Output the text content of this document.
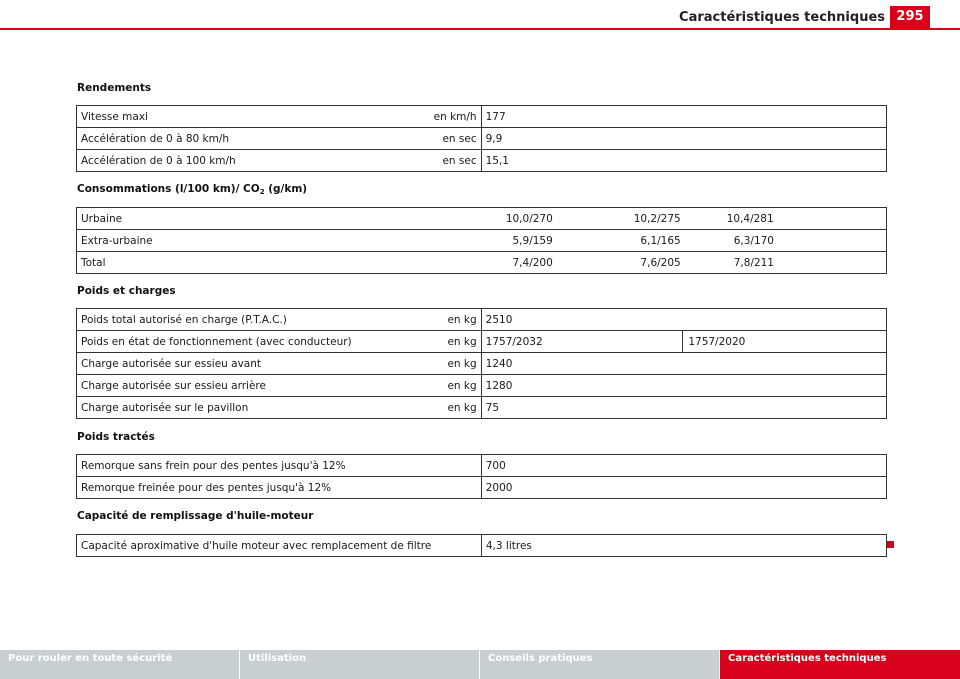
Caractéristiques techniques 295
Rendements
Vitesse maxi en km/h	177
Accélération de 0 à 80 km/h en sec	9,9
Accélération de 0 à 100 km/h en sec	15,1
Consommations (l/100 km)/ $CO_2$ (g/km)
Urbaine	10,0/270	10,2/275	10,4/281
Extra-urbaine	5,9/159	6,1/165	6,3/170
Total	7,4/200	7,6/205	7,8/211
Poids et charges
Poids total autorisé en charge (P.T.A.C.) en kg	2510	
Poids en état de fonctionnement (avec conducteur) en kg	1757/2032	1757/2020
Charge autorisée sur essieu avant en kg	1240	
Charge autorisée sur essieu arrière en kg	1280	
Charge autorisée sur le pavillon en kg	75	
Poids tractés
Remorque sans frein pour des pentes jusqu'à 12%	700
Remorque freinée pour des pentes jusqu'à 12%	2000
Capacité de remplissage d'huile-moteur
Capacité aproximative d'huile moteur avec remplacement de filtre	4,3 litres
Pour rouler en toute sécurité	Utilisation	Conseils pratiques	Caractéristiques techniques
